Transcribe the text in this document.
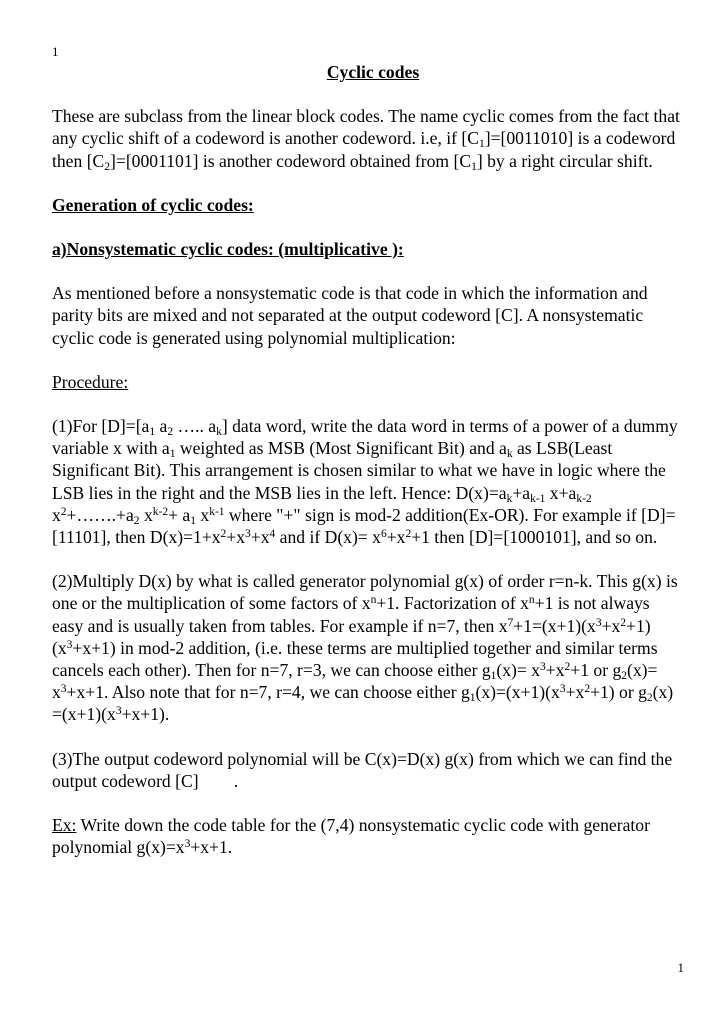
1
Cyclic codes

These are subclass from the linear block codes. The name cyclic comes from the fact that any cyclic shift of a codeword is another codeword. i.e, if $[C_1]=[0011010]$ is a codeword then $[C_2]=[0001101]$ is another codeword obtained from $[C_1]$ by a right circular shift.

Generation of cyclic codes:
a)Nonsystematic cyclic codes: (multiplicative ):

As mentioned before a nonsystematic code is that code in which the information and parity bits are mixed and not separated at the output codeword [C]. A nonsystematic cyclic code is generated using polynomial multiplication:

Procedure:

(1)For $[D]=[a_1$ $a_2$ ….. $a_k$] data word, write the data word in terms of a power of a dummy variable x with $a_1$ weighted as MSB (Most Significant Bit) and $a_k$ as LSB(Least Significant Bit). This arrangement is chosen similar to what we have in logic where the LSB lies in the right and the MSB lies in the left. Hence: $D(x)=a_k+a_{k-1}$ $x+a_{k-2}$ $x^2+\dots\dots.+a_2$ $x^{k-2}+ a_1$ $x^{k-1}$ where "+" sign is mod-2 addition(Ex-OR). For example if [D]=[11101], then $D(x)=1+x^2+x^3+x^4$ and if $D(x)= x^6+x^2+1$ then [D]=[1000101], and so on.

(2)Multiply D(x) by what is called generator polynomial g(x) of order r=n-k. This g(x) is one or the multiplication of some factors of $x^n+1$. Factorization of $x^n+1$ is not always easy and is usually taken from tables. For example if n=7, then $x^7+1=(x+1)(x^3+x^2+1)(x^3+x+1)$ in mod-2 addition, (i.e. these terms are multiplied together and similar terms cancels each other). Then for n=7, r=3, we can choose either $g_1(x)= x^3+x^2+1$ or $g_2(x)= x^3+x+1$. Also note that for n=7, r=4, we can choose either $g_1(x)=(x+1)(x^3+x^2+1)$ or $g_2(x) =(x+1)(x^3+x+1)$.

(3)The output codeword polynomial will be C(x)=D(x) g(x) from which we can find the output codeword [C]        .

Ex: Write down the code table for the (7,4) nonsystematic cyclic code with generator polynomial $g(x)=x^3+x+1$.

1
